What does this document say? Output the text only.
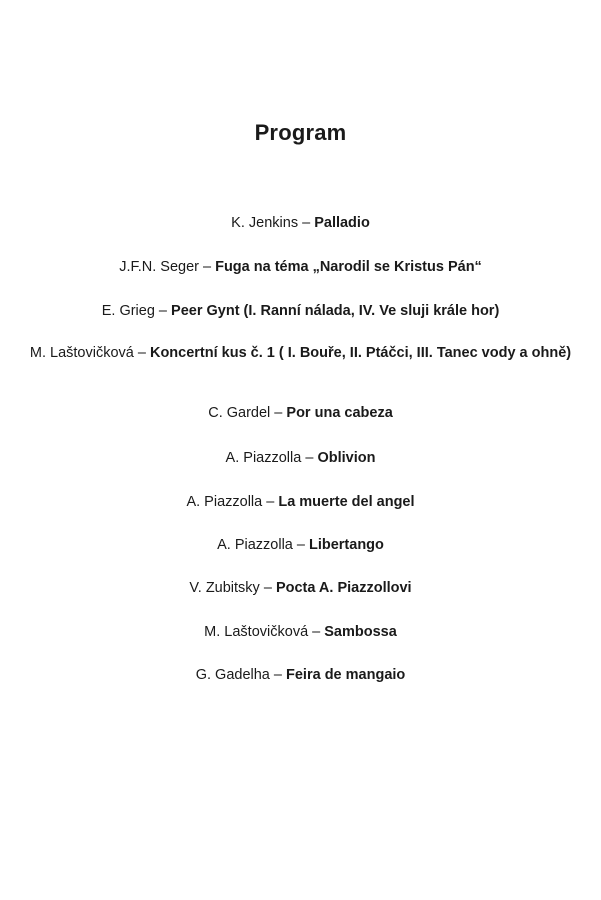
Program
K. Jenkins – Palladio
J.F.N. Seger – Fuga na téma „Narodil se Kristus Pán“
E. Grieg – Peer Gynt (I. Ranní nálada, IV. Ve sluji krále hor)
M. Laštovičková – Koncertní kus č. 1 ( I. Bouře, II. Ptáčci, III. Tanec vody a ohně)
C. Gardel – Por una cabeza
A. Piazzolla – Oblivion
A. Piazzolla – La muerte del angel
A. Piazzolla – Libertango
V. Zubitsky – Pocta A. Piazzollovi
M. Laštovičková – Sambossa
G. Gadelha – Feira de mangaio
